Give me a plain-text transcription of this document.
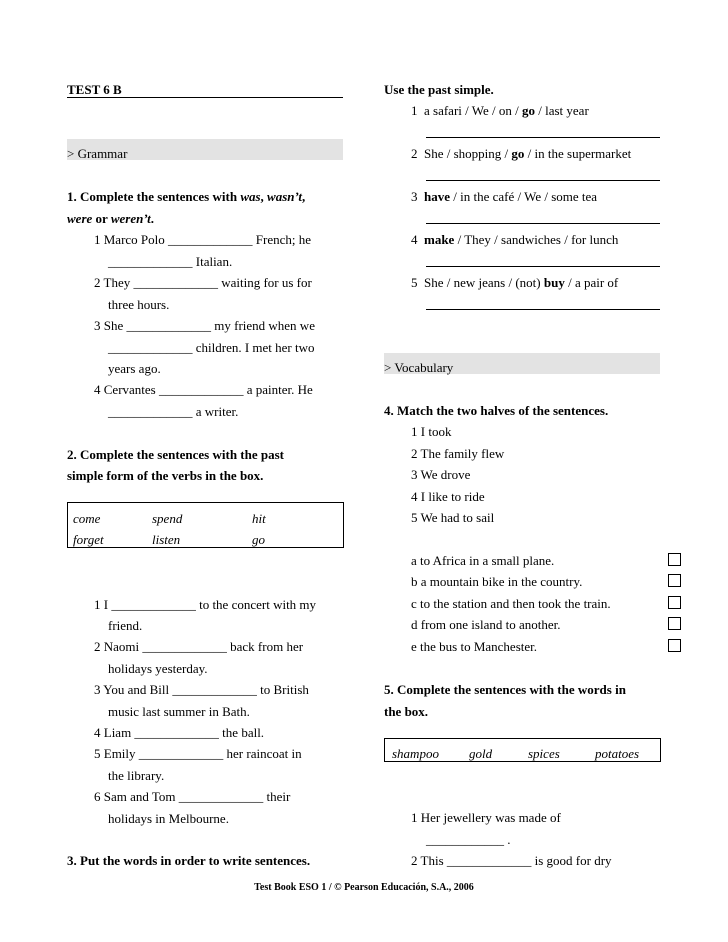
TEST 6 B
> Grammar
1. Complete the sentences with was, wasn’t,
were or weren’t.
1 Marco Polo _____________ French; he
_____________ Italian.
2 They _____________ waiting for us for
three hours.
3 She _____________ my friend when we
_____________ children. I met her two
years ago.
4 Cervantes _____________ a painter. He
_____________ a writer.
2. Complete the sentences with the past
simple form of the verbs in the box.
come	spend	hit
forget	listen	go
1 I _____________ to the concert with my
friend.
2 Naomi _____________ back from her
holidays yesterday.
3 You and Bill _____________ to British
music last summer in Bath.
4 Liam _____________ the ball.
5 Emily _____________ her raincoat in
the library.
6 Sam and Tom _____________ their
holidays in Melbourne.
3. Put the words in order to write sentences.
Use the past simple.
1 a safari / We / on / go / last year
2 She / shopping / go / in the supermarket
3 have / in the café / We / some tea
4 make / They / sandwiches / for lunch
5 She / new jeans / (not) buy / a pair of
> Vocabulary
4. Match the two halves of the sentences.
1 I took
2 The family flew
3 We drove
4 I like to ride
5 We had to sail
a to Africa in a small plane.
b a mountain bike in the country.
c to the station and then took the train.
d from one island to another.
e the bus to Manchester.
5. Complete the sentences with the words in
the box.
shampoo gold	spices	potatoes
1 Her jewellery was made of
____________ .
2 This _____________ is good for dry
Test Book ESO 1 / © Pearson Educación, S.A., 2006
